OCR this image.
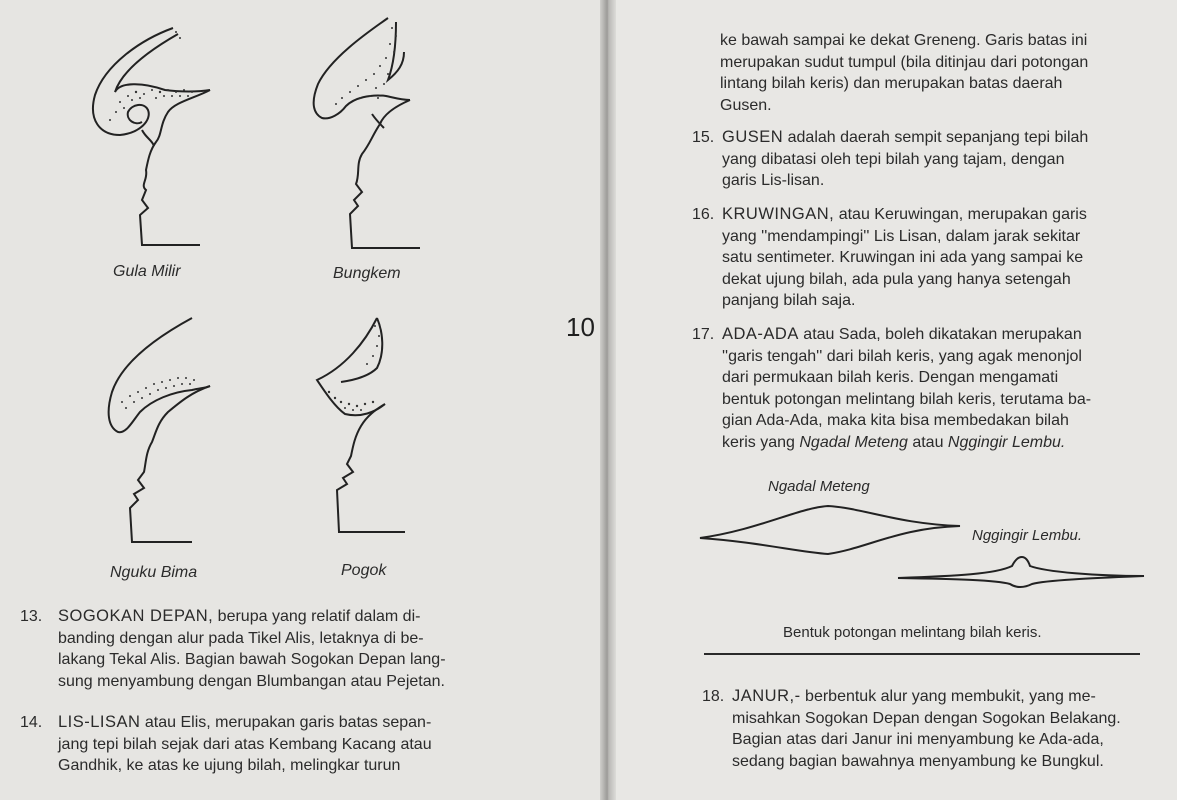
Gula Milir	Bungkem
Nguku Bima	Pogok
13. SOGOKAN DEPAN, berupa yang relatif dalam di-
banding dengan alur pada Tikel Alis, letaknya di be-
lakang Tekal Alis. Bagian bawah Sogokan Depan lang-
sung menyambung dengan Blumbangan atau Pejetan.
14. LIS-LISAN atau Elis, merupakan garis batas sepan-
jang tepi bilah sejak dari atas Kembang Kacang atau
Gandhik, ke atas ke ujung bilah, melingkar turun
10
ke bawah sampai ke dekat Greneng. Garis batas ini
merupakan sudut tumpul (bila ditinjau dari potongan
lintang bilah keris) dan merupakan batas daerah
Gusen.
15. GUSEN adalah daerah sempit sepanjang tepi bilah
yang dibatasi oleh tepi bilah yang tajam, dengan
garis Lis-lisan.
16. KRUWINGAN, atau Keruwingan, merupakan garis
yang ''mendampingi'' Lis Lisan, dalam jarak sekitar
satu sentimeter. Kruwingan ini ada yang sampai ke
dekat ujung bilah, ada pula yang hanya setengah
panjang bilah saja.
17. ADA-ADA atau Sada, boleh dikatakan merupakan
''garis tengah'' dari bilah keris, yang agak menonjol
dari permukaan bilah keris. Dengan mengamati
bentuk potongan melintang bilah keris, terutama ba-
gian Ada-Ada, maka kita bisa membedakan bilah
keris yang Ngadal Meteng atau Nggingir Lembu.
Ngadal Meteng
Nggingir Lembu.
Bentuk potongan melintang bilah keris.
18. JANUR,- berbentuk alur yang membukit, yang me-
misahkan Sogokan Depan dengan Sogokan Belakang.
Bagian atas dari Janur ini menyambung ke Ada-ada,
sedang bagian bawahnya menyambung ke Bungkul.
